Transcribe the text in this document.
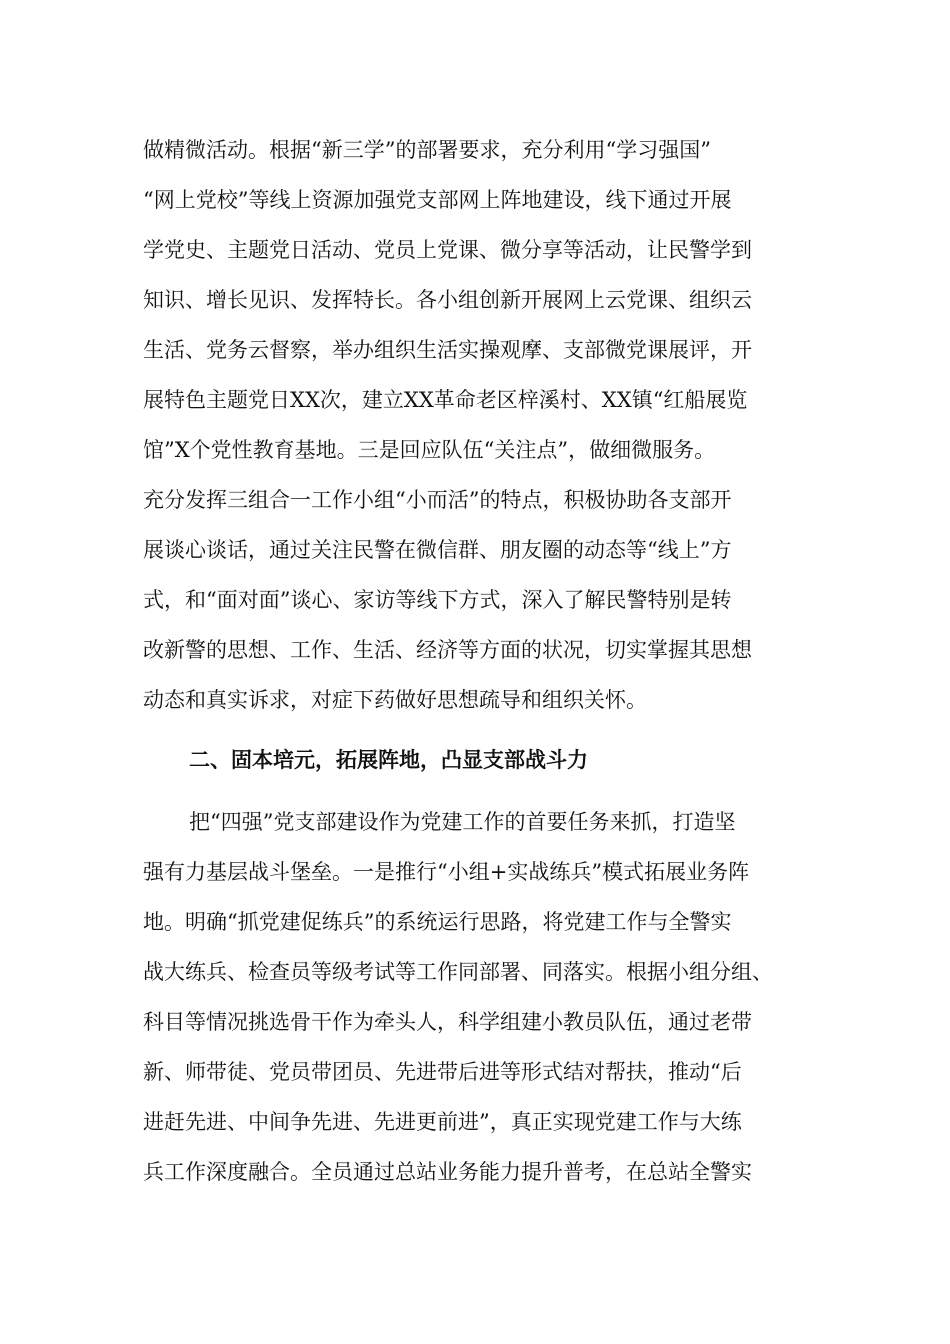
做精微活动。根据“新三学”的部署要求，充分利用“学习强国”
“网上党校”等线上资源加强党支部网上阵地建设，线下通过开展
学党史、主题党日活动、党员上党课、微分享等活动，让民警学到
知识、增长见识、发挥特长。各小组创新开展网上云党课、组织云
生活、党务云督察，举办组织生活实操观摩、支部微党课展评，开
展特色主题党日XX次，建立XX革命老区梓溪村、XX镇“红船展览
馆”X个党性教育基地。三是回应队伍“关注点”，做细微服务。
充分发挥三组合一工作小组“小而活”的特点，积极协助各支部开
展谈心谈话，通过关注民警在微信群、朋友圈的动态等“线上”方
式，和“面对面”谈心、家访等线下方式，深入了解民警特别是转
改新警的思想、工作、生活、经济等方面的状况，切实掌握其思想
动态和真实诉求，对症下药做好思想疏导和组织关怀。
二、固本培元，拓展阵地，凸显支部战斗力
把“四强”党支部建设作为党建工作的首要任务来抓，打造坚
强有力基层战斗堡垒。一是推行“小组+实战练兵”模式拓展业务阵
地。明确“抓党建促练兵”的系统运行思路，将党建工作与全警实
战大练兵、检查员等级考试等工作同部署、同落实。根据小组分组、
科目等情况挑选骨干作为牵头人，科学组建小教员队伍，通过老带
新、师带徒、党员带团员、先进带后进等形式结对帮扶，推动“后
进赶先进、中间争先进、先进更前进”，真正实现党建工作与大练
兵工作深度融合。全员通过总站业务能力提升普考，在总站全警实
